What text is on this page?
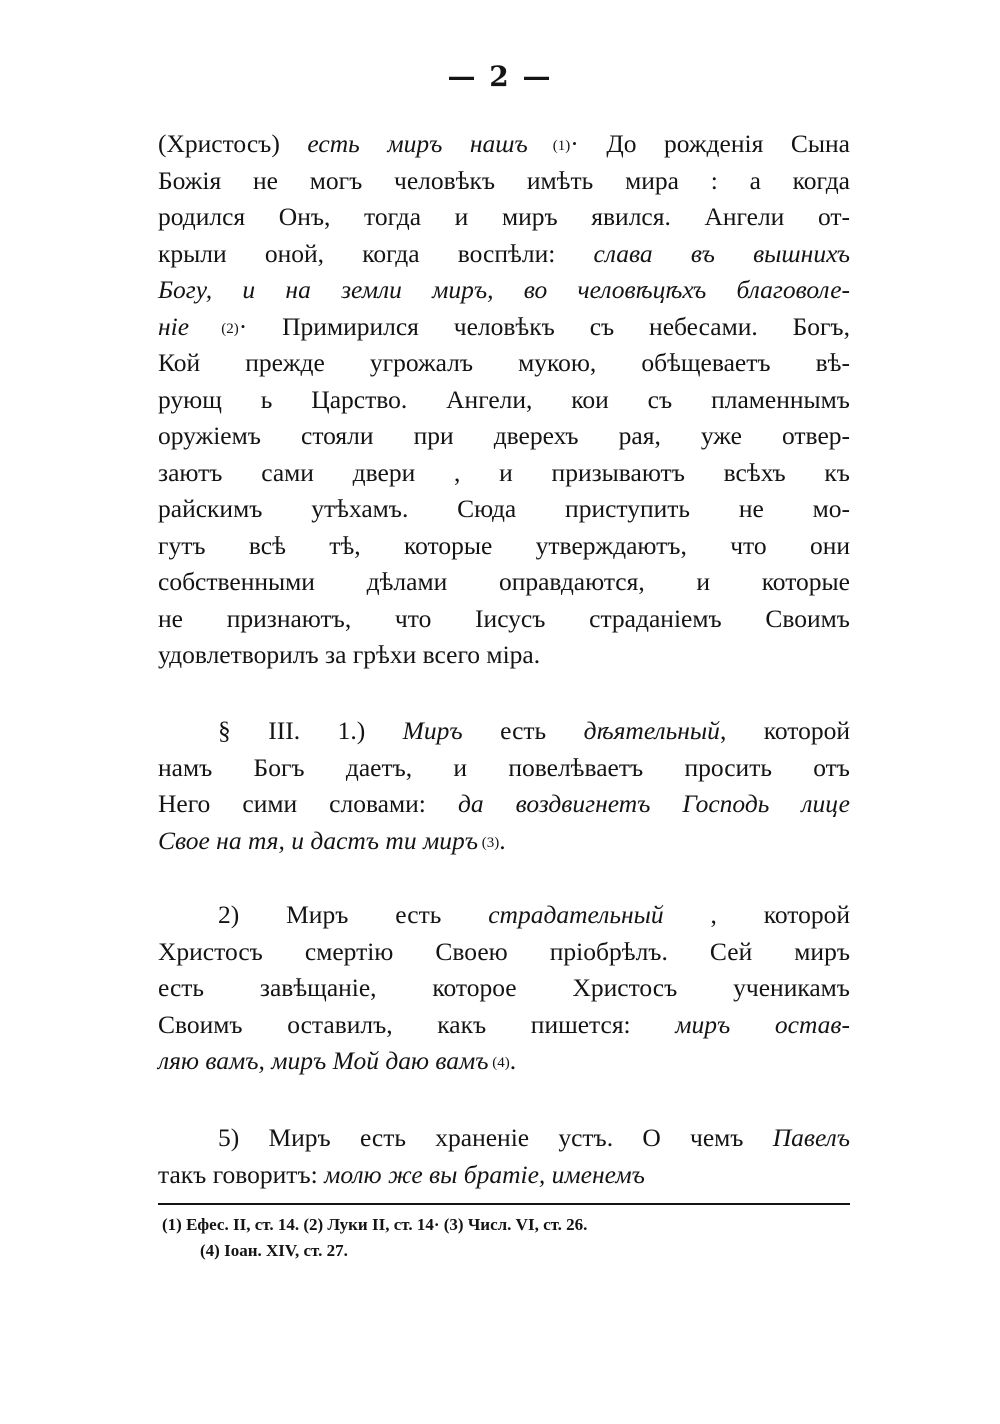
— 2 —
(Христосъ) есть миръ нашъ (1)· До рожденія Сына
Божія не могъ человѣкъ имѣть мира : а когда
родился Онъ, тогда и миръ явился. Ангели от-
крыли оной, когда воспѣли: слава въ вышнихъ
Богу, и на земли миръ, во человѣцѣхъ благоволе-
ніе (2)· Примирился человѣкъ съ небесами. Богъ,
Кой прежде угрожалъ мукою, обѣщеваетъ вѣ-
рующ ь Царство. Ангели, кои съ пламеннымъ
оружіемъ стояли при дверехъ рая, уже отвер-
заютъ сами двери , и призываютъ всѣхъ къ
райскимъ утѣхамъ. Сюда приступить не мо-
гутъ всѣ тѣ, которые утверждаютъ, что они
собственными дѣлами оправдаются, и которые
не признаютъ, что Іисусъ страданіемъ Своимъ
удовлетворилъ за грѣхи всего міра.
§ III. 1.) Миръ есть дѣятельный, которой
намъ Богъ даетъ, и повелѣваетъ просить отъ
Него сими словами: да воздвигнетъ Господь лице
Свое на тя, и дастъ ти миръ (3).
2) Миръ есть страдательный , которой
Христосъ смертію Своею пріобрѣлъ. Сей миръ
есть завѣщаніе, которое Христосъ ученикамъ
Своимъ оставилъ, какъ пишется: миръ остав-
ляю вамъ, миръ Мой даю вамъ (4).
5) Миръ есть храненіе устъ. О чемъ Павелъ
такъ говоритъ: молю же вы братіе, именемъ
(1) Ефес. II, ст. 14. (2) Луки II, ст. 14· (3) Числ. VI, ст. 26.
(4) Іоан. XIV, ст. 27.
